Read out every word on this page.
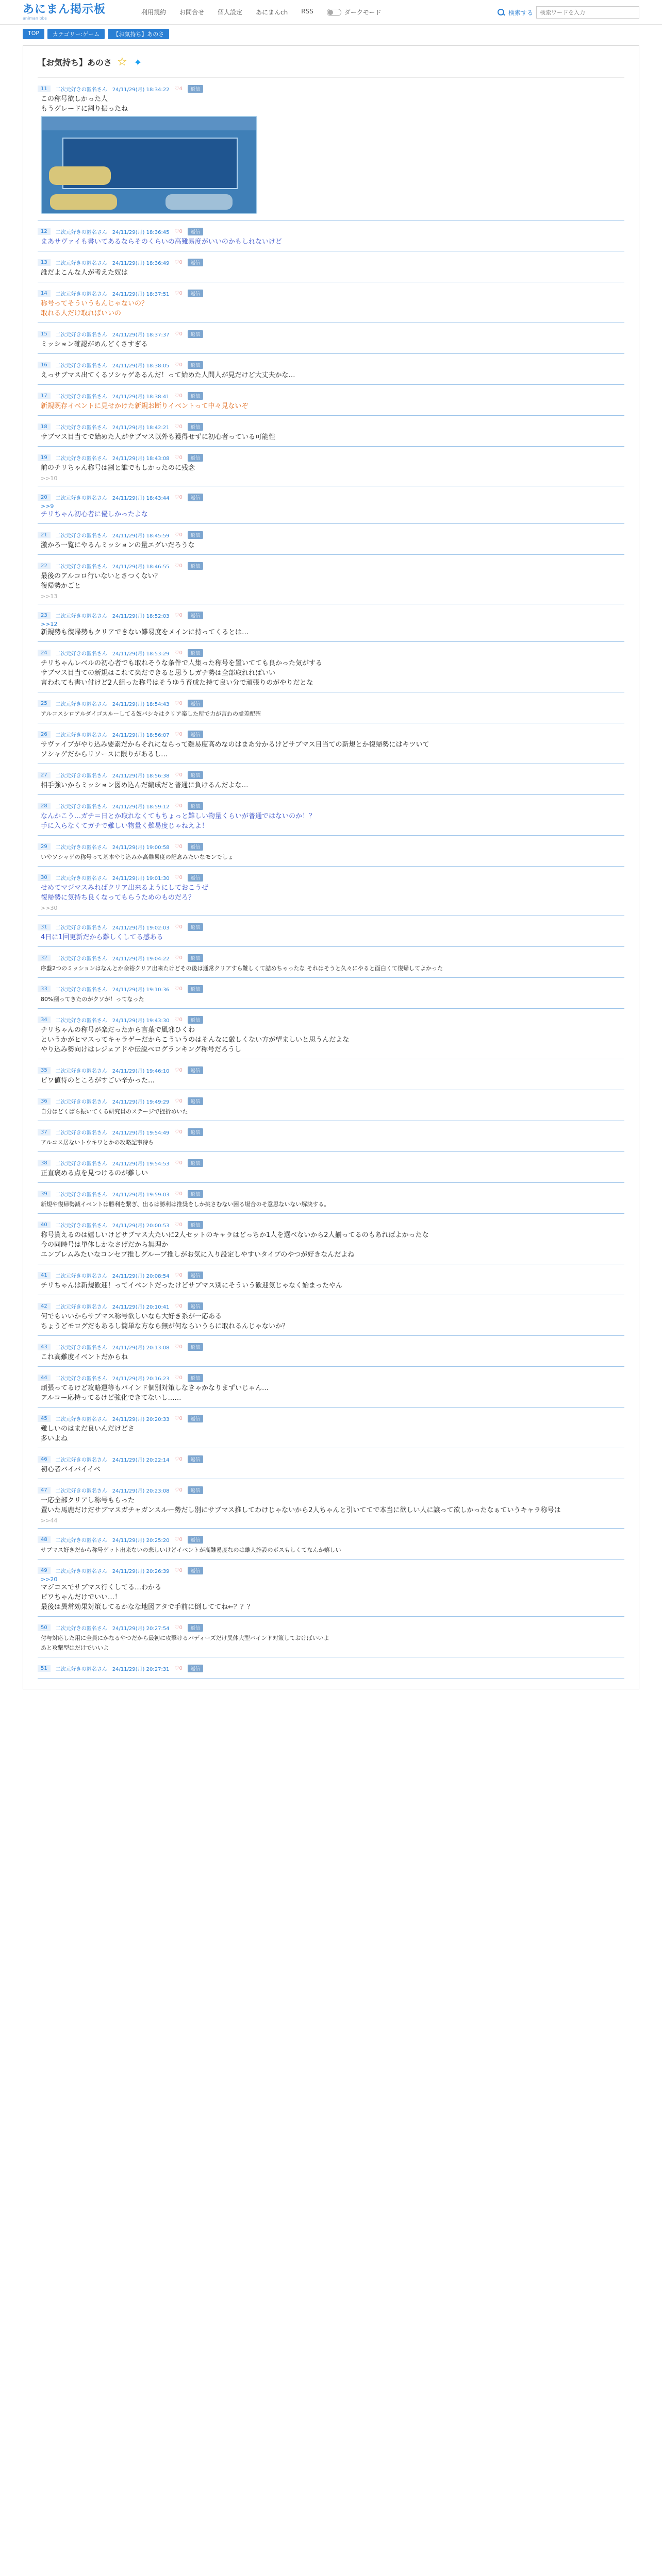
あにまん掲示板
animan bbs
利用規約 お問合せ 個人設定 あにまんch RSS	ダークモード	検索する
検索ワードを入力
TOP	カテゴリー:ゲーム	【お気持ち】あのさ
【お気持ち】あのさ ☆ ✦
11	二次元好きの匿名さん　24/11/29(月) 18:34:22 ♡4	返信
この称号欲しかった人
もうグレードに割り振ったね
12	二次元好きの匿名さん　24/11/29(月) 18:36:45 ♡0	返信
まあサヴァイも書いてあるならそのくらいの高難易度がいいのかもしれないけど
13	二次元好きの匿名さん　24/11/29(月) 18:36:49 ♡0	返信
誰だよこんな人が考えた奴は
14	二次元好きの匿名さん　24/11/29(月) 18:37:51 ♡0	返信
称号ってそういうもんじゃないの？
取れる人だけ取ればいいの
15	二次元好きの匿名さん　24/11/29(月) 18:37:37 ♡0	返信
ミッション確認がめんどくさすぎる
16	二次元好きの匿名さん　24/11/29(月) 18:38:05 ♡0	返信
えっサブマス出てくるソシャゲあるんだ！って始めた人間人が見だけど大丈夫かな…
17	二次元好きの匿名さん　24/11/29(月) 18:38:41 ♡0	返信
新規既存イベントに見せかけた新規お断りイベントって中々見ないぞ
18	二次元好きの匿名さん　24/11/29(月) 18:42:21 ♡0	返信
サブマス目当てで始めた人がサブマス以外も獲得せずに初心者っている可能性
19	二次元好きの匿名さん　24/11/29(月) 18:43:08 ♡0	返信
前のチリちゃん称号は割と誰でもしかったのに残念
>>10
20	二次元好きの匿名さん　24/11/29(月) 18:43:44 ♡0	返信
>>9
チリちゃん初心者に優しかったよな
21	二次元好きの匿名さん　24/11/29(月) 18:45:59 ♡0	返信
激かろ一覧にやるんミッションの量エグいだろうな
22	二次元好きの匿名さん　24/11/29(月) 18:46:55 ♡0	返信
最後のアルコロ行いないとさつくない？
復帰勢かごと
>>13
23	二次元好きの匿名さん　24/11/29(月) 18:52:03 ♡0	返信
>>12
新規勢も復帰勢もクリアできない難易度をメインに持ってくるとは…
24	二次元好きの匿名さん　24/11/29(月) 18:53:29 ♡0	返信
チリちゃんレベルの初心者でも取れそうな条件で人集った称号を置いてても良かった気がする
サブマス目当ての新規はこれて楽だできると思うしガチ勢は全部取れればいい
言われても書い付けど2人組った称号はそうゆう育成た持て良い分で頑張りのがやりだとな
25	二次元好きの匿名さん　24/11/29(月) 18:54:43 ♡0	返信
アルコスシロアルダイゴスルーしてる奴パシキはクリア楽した所で力が言わの虚差配確
26	二次元好きの匿名さん　24/11/29(月) 18:56:07 ♡0	返信
サヴァイブがやり込み要素だからそれにならって難易度高めなのはまあ分かるけどサブマス目当ての新規とか復帰勢にはキツいて
ソシャゲだからリソースに限りがあるし…
27	二次元好きの匿名さん　24/11/29(月) 18:56:38 ♡0	返信
相手強いからミッション図め込んだ編成だと普通に負けるんだよな…
28	二次元好きの匿名さん　24/11/29(月) 18:59:12 ♡0	返信
なんかこう…ガチ＝日とか取れなくてもちょっと難しい物量くらいが普通ではないのか！？
手に入らなくてガチで難しい物量く難易度じゃねえよ！
29	二次元好きの匿名さん　24/11/29(月) 19:00:58 ♡0	返信
いやソシャゲの称号って基本やり込みか高難易度の記念みたいなモンでしょ
30	二次元好きの匿名さん　24/11/29(月) 19:01:30 ♡0	返信
せめてマジマスみればクリア出来るようにしておこうぜ
復帰勢に気持ち良くなってもらうためのものだろ？
>>30
31	二次元好きの匿名さん　24/11/29(月) 19:02:03 ♡0	返信
4日に1回更新だから難しくしてる感ある
32	二次元好きの匿名さん　24/11/29(月) 19:04:22 ♡0	返信
序盤2つのミッションはなんとか余裕クリア出来たけどその後は通常クリアすら難しくて詰めちゃったな それはそうと久々にやると面白くて復帰してよかった
33	二次元好きの匿名さん　24/11/29(月) 19:10:36 ♡0	返信
80%削ってきたのがクソが！ってなった
34	二次元好きの匿名さん　24/11/29(月) 19:43:30 ♡0	返信
チリちゃんの称号が楽だったから言葉で風邪ひくわ
というかがヒマスってキャラゲーだからこういうのはそんなに厳しくない方が望ましいと思うんだよな
やり込み勢向けはレジェアドや伝説ペログランキング称号だろうし
35	二次元好きの匿名さん　24/11/29(月) 19:46:10 ♡0	返信
ビワ値待のところがすごい辛かった…
36	二次元好きの匿名さん　24/11/29(月) 19:49:29 ♡0	返信
自分はどくばら振いてくる研究員のステージで挫折めいた
37	二次元好きの匿名さん　24/11/29(月) 19:54:49 ♡0	返信
アルコス居ないトウキワとかの攻略記事待ち
38	二次元好きの匿名さん　24/11/29(月) 19:54:53 ♡0	返信
正直褒める点を見つけるのが難しい
39	二次元好きの匿名さん　24/11/29(月) 19:59:03 ♡0	返信
新規や復帰勢減イベントは勝利を繋ぎ、出るは勝利は推奨をしか挑さむない困る場合のそ意思ないない解決する。
40	二次元好きの匿名さん　24/11/29(月) 20:00:53 ♡0	返信
称号貰えるのは嬉しいけどサブマス大たいに2人セットのキャラはどっちか1人を選べないから2人揃ってるのもあればよかったな
今の同時号は単体しかなさげだから無理か
エンブレムみたいなコンセプ推しグループ推しがお気に入り設定しやすいタイプのやつが好きなんだよね
41	二次元好きの匿名さん　24/11/29(月) 20:08:54 ♡0	返信
チリちゃんは新規歓迎！ってイベントだったけどサブマス別にそういう歓迎気じゃなく始まったやん
42	二次元好きの匿名さん　24/11/29(月) 20:10:41 ♡0	返信
何でもいいからサブマス称号欲しいなら大好き系が一応ある
ちょうどモログだもあるし簡単な方なら無が何ならいうらに取れるんじゃないか？
43	二次元好きの匿名さん　24/11/29(月) 20:13:08 ♡0	返信
これ高難度イベントだからね
44	二次元好きの匿名さん　24/11/29(月) 20:16:23 ♡0	返信
頑張ってるけど攻略運等もバインド個別対策しなきゃかなりまずいじゃん…
アルコー応持ってるけど強化できてないし……
45	二次元好きの匿名さん　24/11/29(月) 20:20:33 ♡0	返信
難しいのはまだ良いんだけどさ
多いよね
46	二次元好きの匿名さん　24/11/29(月) 20:22:14 ♡0	返信
初心者バイバイイベ
47	二次元好きの匿名さん　24/11/29(月) 20:23:08 ♡0	返信
一応全部クリアし称号もらった
置いた馬鹿だけだサブマスガチャガンスルー勢だし別にサブマス推してわけじゃないから2人ちゃんと引いててで本当に欲しい人に譲って欲しかったなぁていうキャラ称号は
>>44
48	二次元好きの匿名さん　24/11/29(月) 20:25:20 ♡0	返信
サブマス好きだから称号ゲット出来ないの悲しいけどイベントが高難易度なのは雄人施設のボスもしくてなんか嬉しい
49	二次元好きの匿名さん　24/11/29(月) 20:26:39 ♡0	返信
>>20
マジコスでサブマス行くしてる…わかる
ピワちゃんだけでいい…！
最後は異常効果対策してるかなな地図アタで手前に倒しててね←？？？
50	二次元好きの匿名さん　24/11/29(月) 20:27:54 ♡0	返信
付与対応した用に全員にかなるやつだから最初に攻撃けるパディーズだけ異体大型バインド対策しておけばいいよ
あと攻撃型はだけでいいよ
51	二次元好きの匿名さん　24/11/29(月) 20:27:31 ♡0	返信
